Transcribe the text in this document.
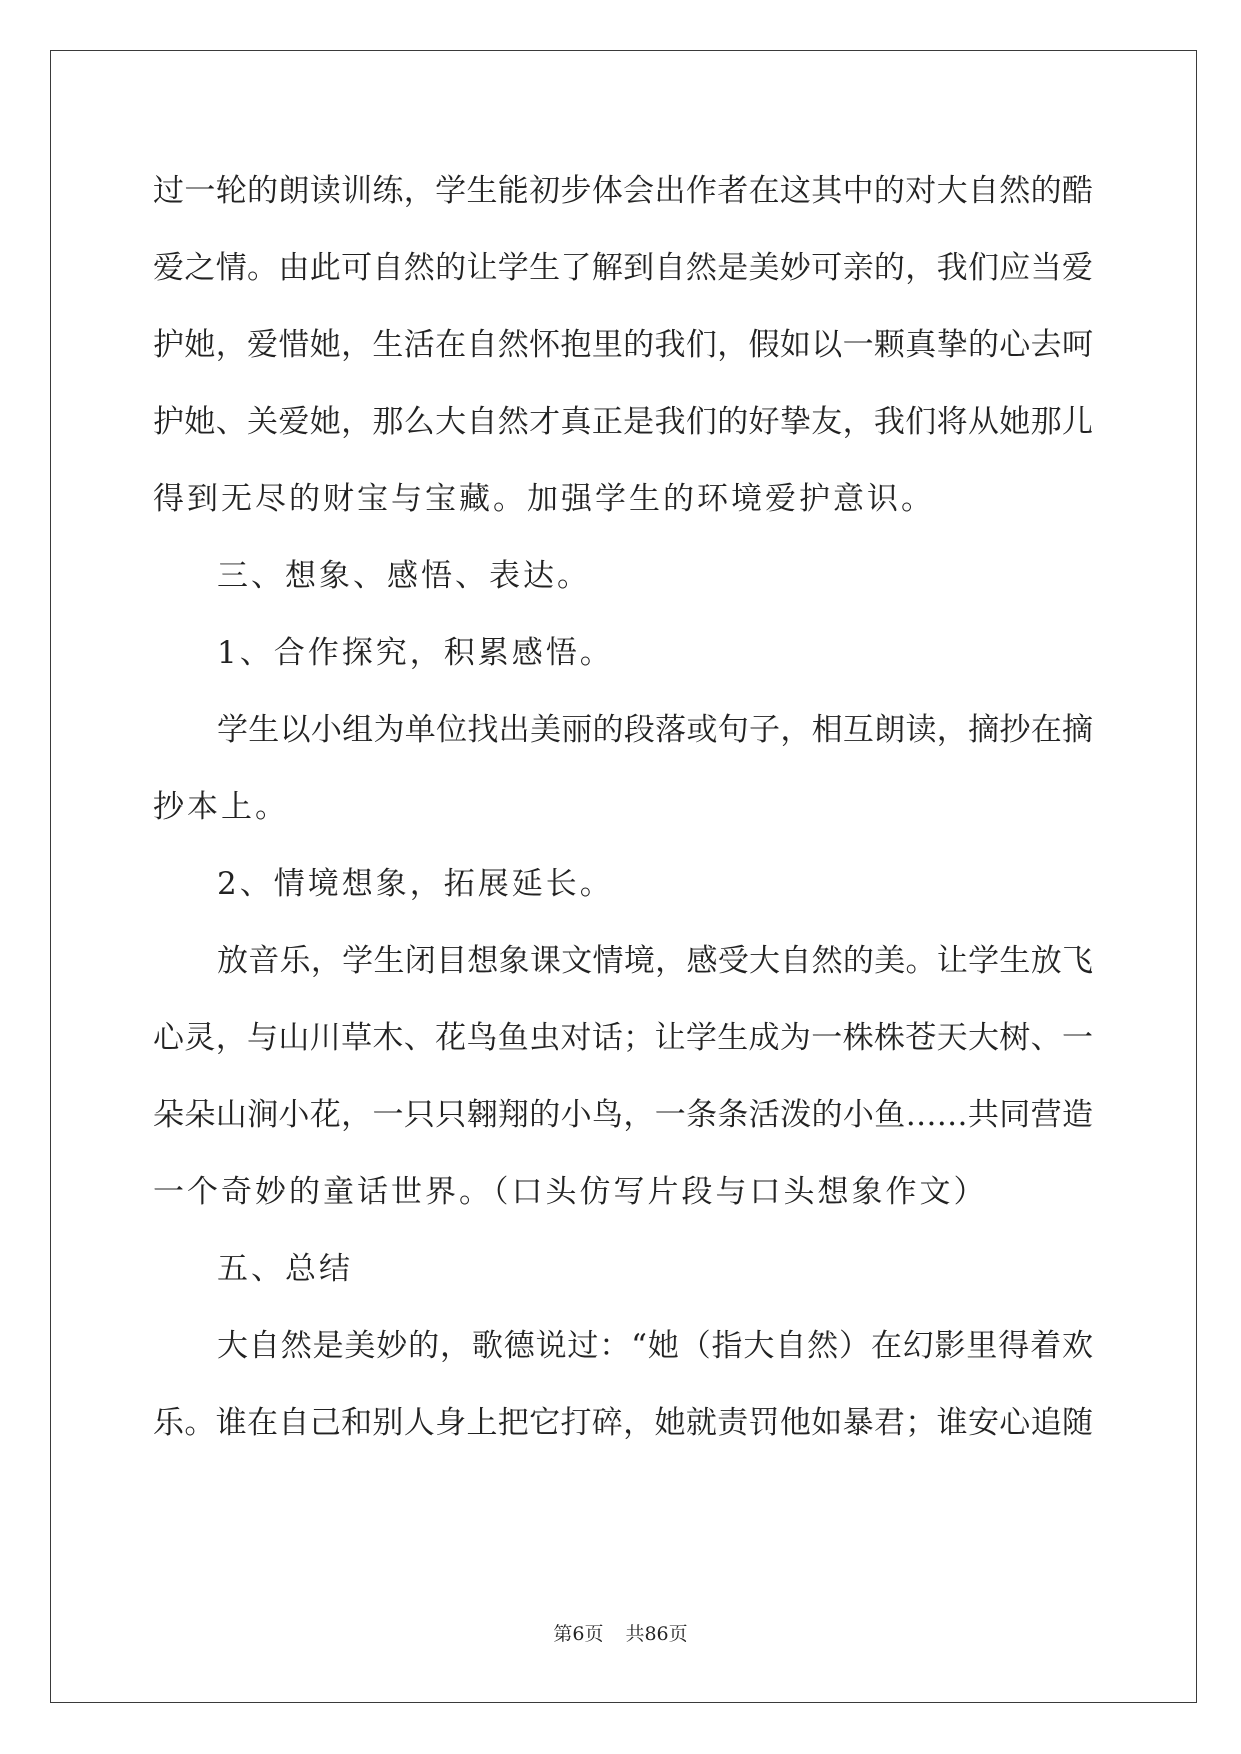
过一轮的朗读训练，学生能初步体会出作者在这其中的对大自然的酷
爱之情。由此可自然的让学生了解到自然是美妙可亲的，我们应当爱
护她，爱惜她，生活在自然怀抱里的我们，假如以一颗真挚的心去呵
护她、关爱她，那么大自然才真正是我们的好挚友，我们将从她那儿
得到无尽的财宝与宝藏。加强学生的环境爱护意识。
三、想象、感悟、表达。
1、合作探究，积累感悟。
学生以小组为单位找出美丽的段落或句子，相互朗读，摘抄在摘
抄本上。
2、情境想象，拓展延长。
放音乐，学生闭目想象课文情境，感受大自然的美。让学生放飞
心灵，与山川草木、花鸟鱼虫对话；让学生成为一株株苍天大树、一
朵朵山涧小花，一只只翱翔的小鸟，一条条活泼的小鱼……共同营造
一个奇妙的童话世界。（口头仿写片段与口头想象作文）
五、总结
大自然是美妙的，歌德说过：“她（指大自然）在幻影里得着欢
乐。谁在自己和别人身上把它打碎，她就责罚他如暴君；谁安心追随
第6页 共86页
